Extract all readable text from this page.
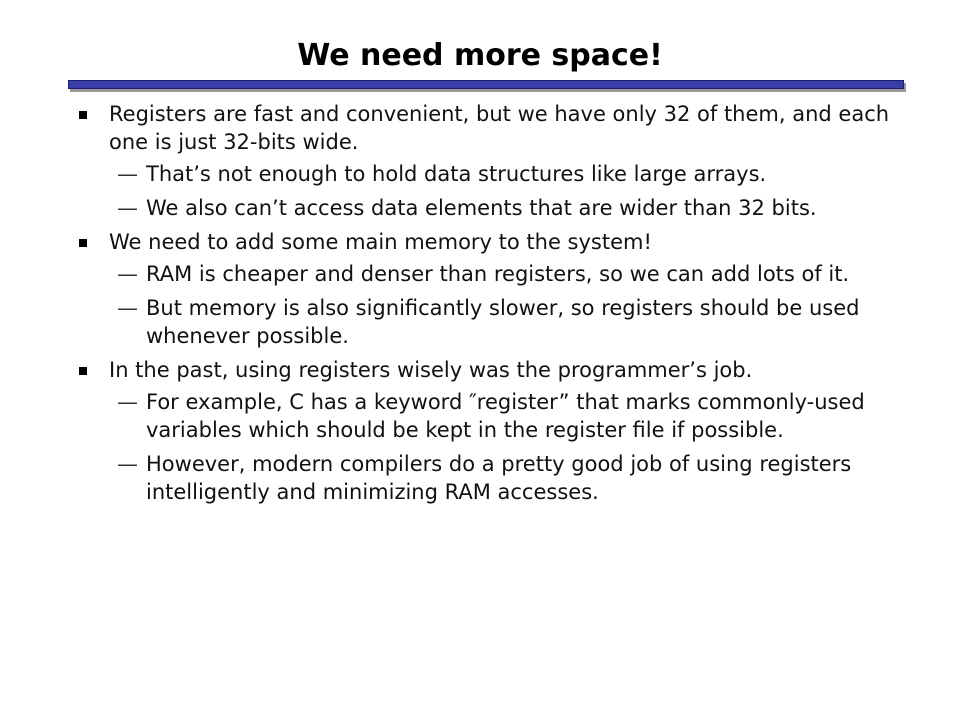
We need more space!
Registers are fast and convenient, but we have only 32 of them, and each one is just 32-bits wide.
— That’s not enough to hold data structures like large arrays.
— We also can’t access data elements that are wider than 32 bits.
We need to add some main memory to the system!
— RAM is cheaper and denser than registers, so we can add lots of it.
— But memory is also significantly slower, so registers should be used whenever possible.
In the past, using registers wisely was the programmer’s job.
— For example, C has a keyword ″register” that marks commonly-used variables which should be kept in the register file if possible.
— However, modern compilers do a pretty good job of using registers intelligently and minimizing RAM accesses.
